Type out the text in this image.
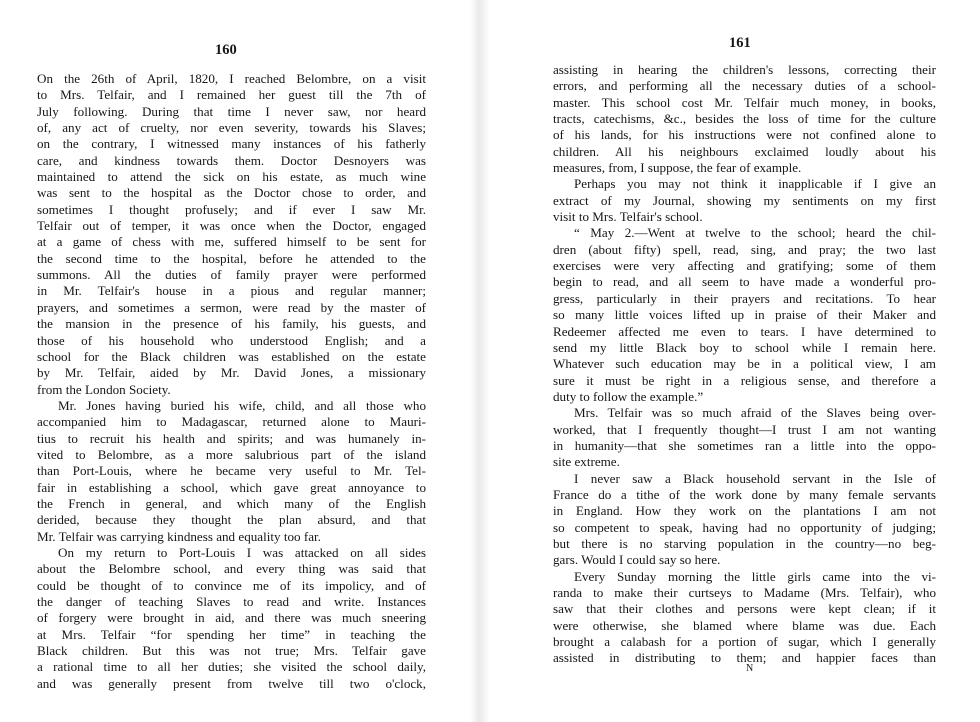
160

On the 26th of April, 1820, I reached Belombre, on a visit
to Mrs. Telfair, and I remained her guest till the 7th of
July following. During that time I never saw, nor heard
of, any act of cruelty, nor even severity, towards his Slaves;
on the contrary, I witnessed many instances of his fatherly
care, and kindness towards them. Doctor Desnoyers was
maintained to attend the sick on his estate, as much wine
was sent to the hospital as the Doctor chose to order, and
sometimes I thought profusely; and if ever I saw Mr.
Telfair out of temper, it was once when the Doctor, engaged
at a game of chess with me, suffered himself to be sent for
the second time to the hospital, before he attended to the
summons. All the duties of family prayer were performed
in Mr. Telfair's house in a pious and regular manner;
prayers, and sometimes a sermon, were read by the master of
the mansion in the presence of his family, his guests, and
those of his household who understood English; and a
school for the Black children was established on the estate
by Mr. Telfair, aided by Mr. David Jones, a missionary
from the London Society.
Mr. Jones having buried his wife, child, and all those who
accompanied him to Madagascar, returned alone to Mauri-
tius to recruit his health and spirits; and was humanely in-
vited to Belombre, as a more salubrious part of the island
than Port-Louis, where he became very useful to Mr. Tel-
fair in establishing a school, which gave great annoyance to
the French in general, and which many of the English
derided, because they thought the plan absurd, and that
Mr. Telfair was carrying kindness and equality too far.
On my return to Port-Louis I was attacked on all sides
about the Belombre school, and every thing was said that
could be thought of to convince me of its impolicy, and of
the danger of teaching Slaves to read and write. Instances
of forgery were brought in aid, and there was much sneering
at Mrs. Telfair “for spending her time” in teaching the
Black children. But this was not true; Mrs. Telfair gave
a rational time to all her duties; she visited the school daily,
and was generally present from twelve till two o'clock,

161

assisting in hearing the children's lessons, correcting their
errors, and performing all the necessary duties of a school-
master. This school cost Mr. Telfair much money, in books,
tracts, catechisms, &c., besides the loss of time for the culture
of his lands, for his instructions were not confined alone to
children. All his neighbours exclaimed loudly about his
measures, from, I suppose, the fear of example.
Perhaps you may not think it inapplicable if I give an
extract of my Journal, showing my sentiments on my first
visit to Mrs. Telfair's school.
“ May 2.—Went at twelve to the school; heard the chil-
dren (about fifty) spell, read, sing, and pray; the two last
exercises were very affecting and gratifying; some of them
begin to read, and all seem to have made a wonderful pro-
gress, particularly in their prayers and recitations. To hear
so many little voices lifted up in praise of their Maker and
Redeemer affected me even to tears. I have determined to
send my little Black boy to school while I remain here.
Whatever such education may be in a political view, I am
sure it must be right in a religious sense, and therefore a
duty to follow the example.”
Mrs. Telfair was so much afraid of the Slaves being over-
worked, that I frequently thought—I trust I am not wanting
in humanity—that she sometimes ran a little into the oppo-
site extreme.
I never saw a Black household servant in the Isle of
France do a tithe of the work done by many female servants
in England. How they work on the plantations I am not
so competent to speak, having had no opportunity of judging;
but there is no starving population in the country—no beg-
gars. Would I could say so here.
Every Sunday morning the little girls came into the vi-
randa to make their curtseys to Madame (Mrs. Telfair), who
saw that their clothes and persons were kept clean; if it
were otherwise, she blamed where blame was due. Each
brought a calabash for a portion of sugar, which I generally
assisted in distributing to them; and happier faces than

N
